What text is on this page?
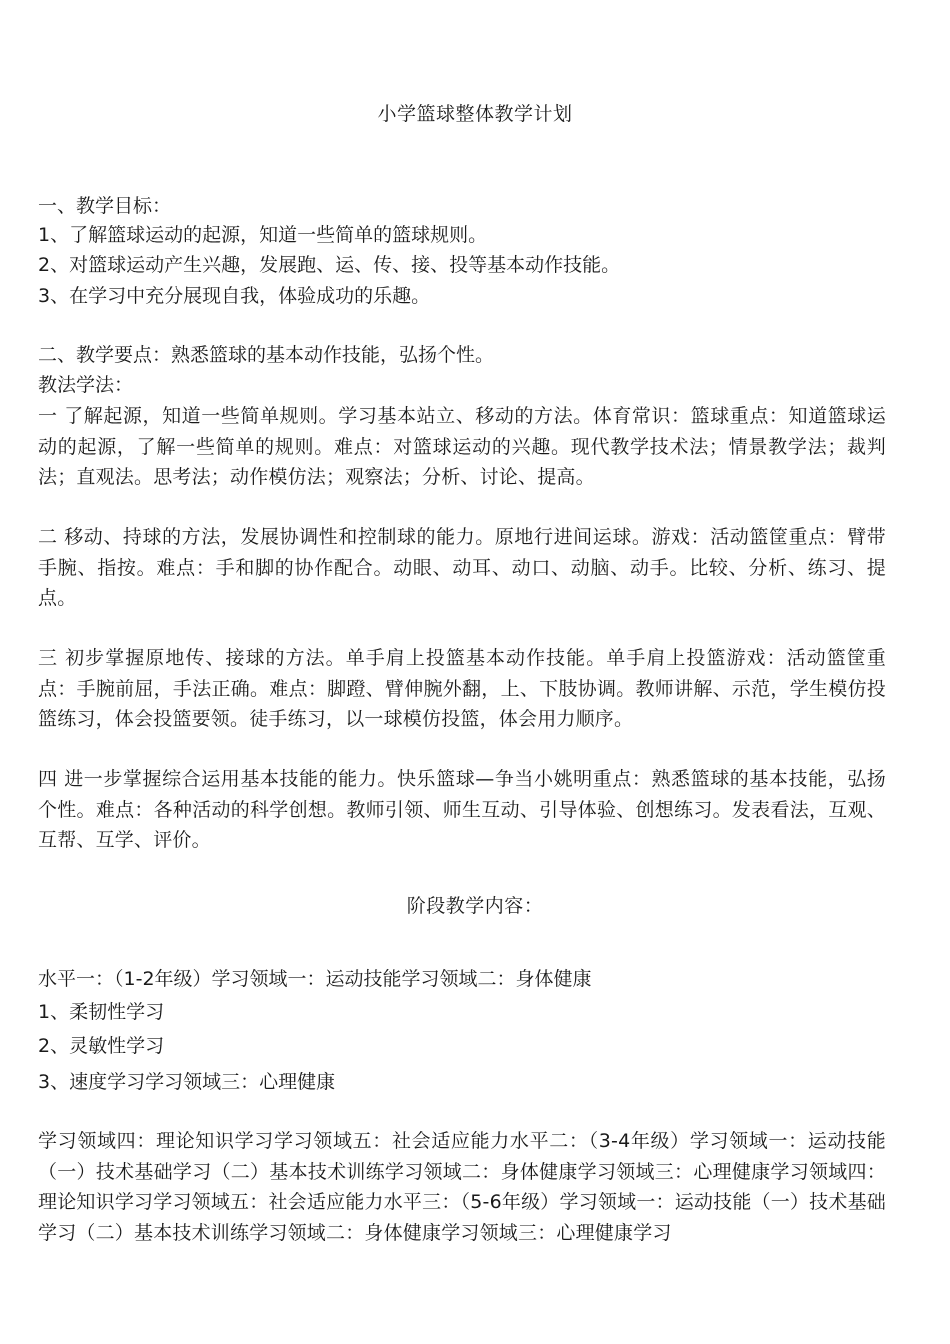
小学篮球整体教学计划
一、教学目标：
1、了解篮球运动的起源，知道一些简单的篮球规则。
2、对篮球运动产生兴趣，发展跑、运、传、接、投等基本动作技能。
3、在学习中充分展现自我，体验成功的乐趣。
二、教学要点：熟悉篮球的基本动作技能，弘扬个性。
教法学法：
一 了解起源，知道一些简单规则。学习基本站立、移动的方法。体育常识：篮球重点：知道篮球运动的起源，了解一些简单的规则。难点：对篮球运动的兴趣。现代教学技术法；情景教学法；裁判法；直观法。思考法；动作模仿法；观察法；分析、讨论、提高。
二 移动、持球的方法，发展协调性和控制球的能力。原地行进间运球。游戏：活动篮筐重点：臂带手腕、指按。难点：手和脚的协作配合。动眼、动耳、动口、动脑、动手。比较、分析、练习、提点。
三 初步掌握原地传、接球的方法。单手肩上投篮基本动作技能。单手肩上投篮游戏：活动篮筐重点：手腕前屈，手法正确。难点：脚蹬、臂伸腕外翻，上、下肢协调。教师讲解、示范，学生模仿投篮练习，体会投篮要领。徒手练习，以一球模仿投篮，体会用力顺序。
四 进一步掌握综合运用基本技能的能力。快乐篮球—争当小姚明重点：熟悉篮球的基本技能，弘扬个性。难点：各种活动的科学创想。教师引领、师生互动、引导体验、创想练习。发表看法，互观、互帮、互学、评价。
阶段教学内容：
水平一：（1-2年级）学习领域一：运动技能学习领域二：身体健康
1、柔韧性学习
2、灵敏性学习
3、速度学习学习领域三：心理健康
学习领域四：理论知识学习学习领域五：社会适应能力水平二：（3-4年级）学习领域一：运动技能（一）技术基础学习（二）基本技术训练学习领域二：身体健康学习领域三：心理健康学习领域四：理论知识学习学习领域五：社会适应能力水平三：（5-6年级）学习领域一：运动技能（一）技术基础学习（二）基本技术训练学习领域二：身体健康学习领域三：心理健康学习
